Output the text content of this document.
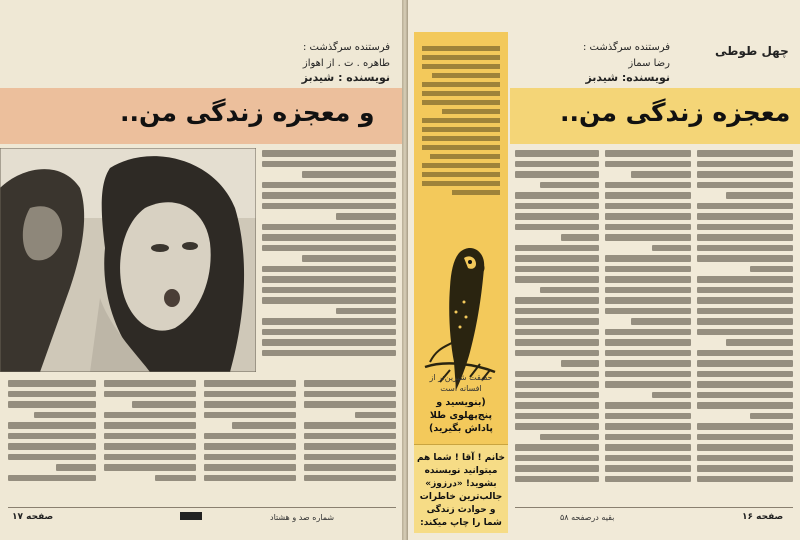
فرستنده سرگذشت :
طاهره . ت . از اهواز
نویسنده : شیدبز
و معجزه زندگی من..
صفحه ۱۷	شماره صد و هشتاد
چهل طوطی
فرستنده سرگذشت :
رضا سماز
نویسنده: شیدبز
معجزه زندگی من..
حقیقت شیرین‌تر از افسانه است
(بنویسید و پنج‌پهلوی طلا پاداش بگیرید)
خانم ! آقا ! شما هم میتوانید نویسنده بشوید! «درزوز» جالب‌ترین خاطرات و حوادث زندگی شما را چاپ میکند:
بقیه درصفحه ۵۸	صفحه ۱۶
